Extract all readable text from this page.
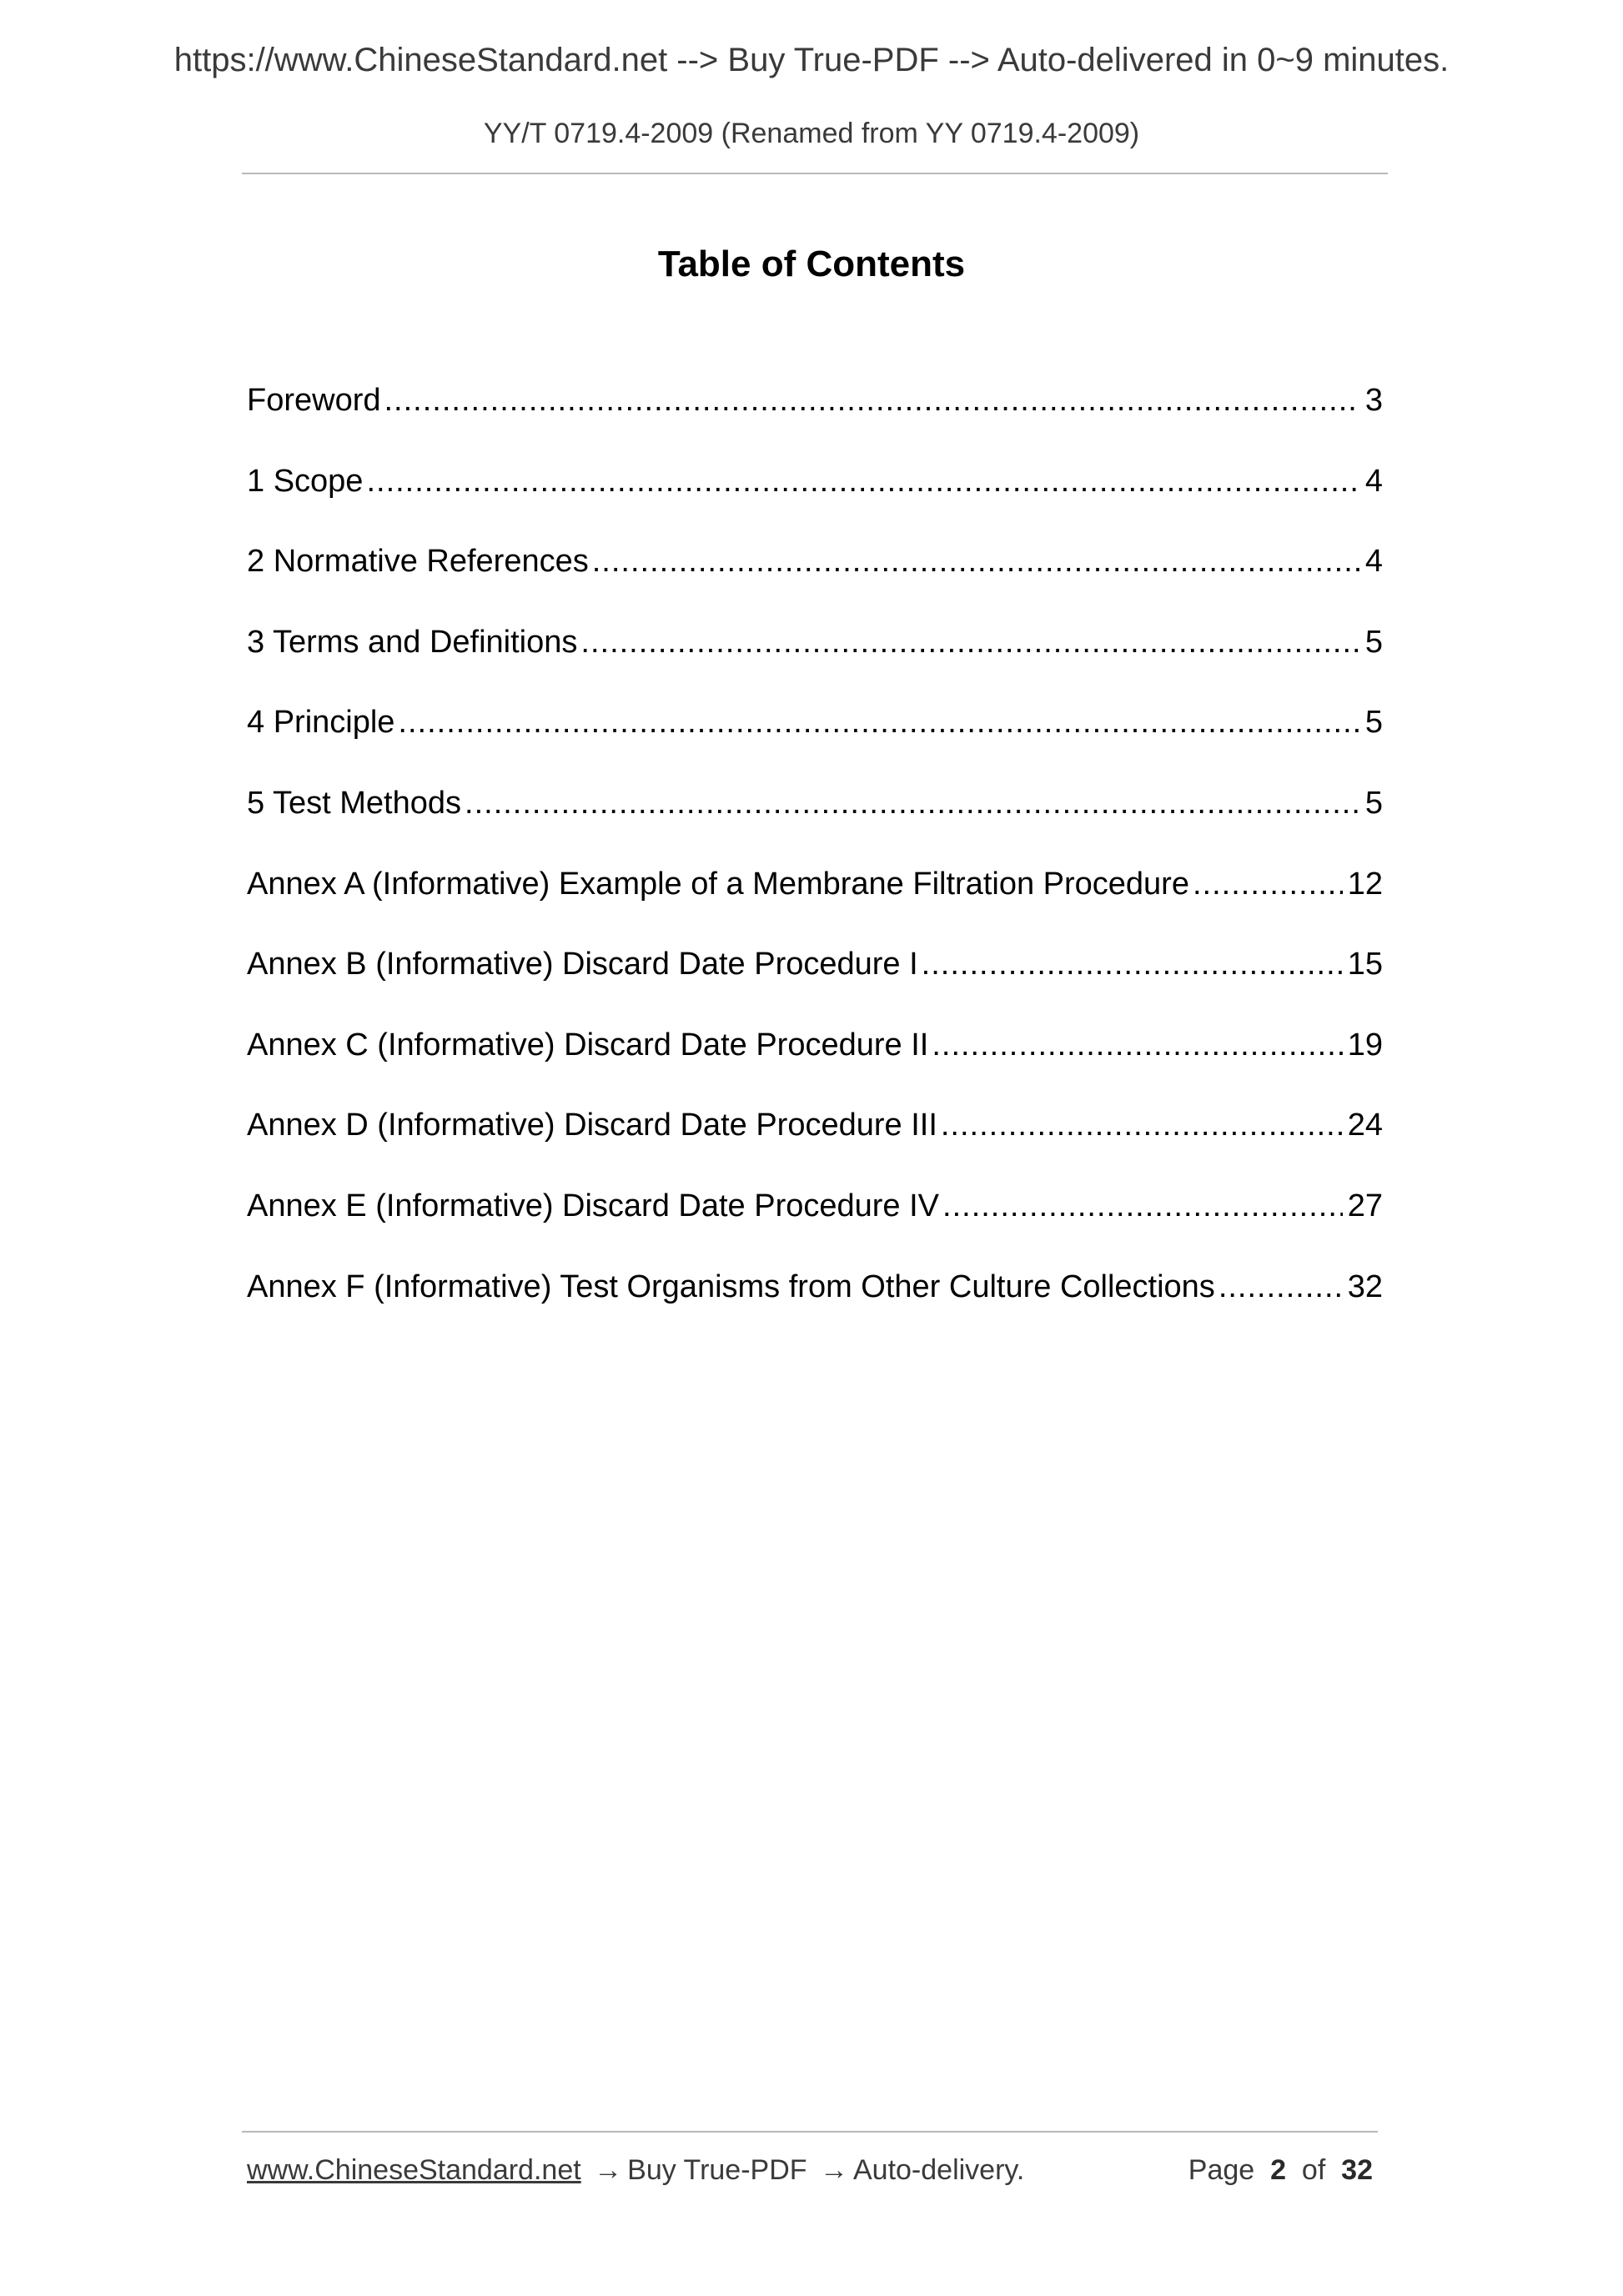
https://www.ChineseStandard.net --> Buy True-PDF --> Auto-delivered in 0~9 minutes.
YY/T 0719.4-2009 (Renamed from YY 0719.4-2009)
Table of Contents
Foreword .....	3
1 Scope .....	4
2 Normative References .....	4
3 Terms and Definitions .....	5
4 Principle .....	5
5 Test Methods .....	5
Annex A (Informative) Example of a Membrane Filtration Procedure .....	12
Annex B (Informative) Discard Date Procedure I .....	15
Annex C (Informative) Discard Date Procedure II .....	19
Annex D (Informative) Discard Date Procedure III .....	24
Annex E (Informative) Discard Date Procedure IV .....	27
Annex F (Informative) Test Organisms from Other Culture Collections .....	32
www.ChineseStandard.net → Buy True-PDF → Auto-delivery.	Page 2 of 32
